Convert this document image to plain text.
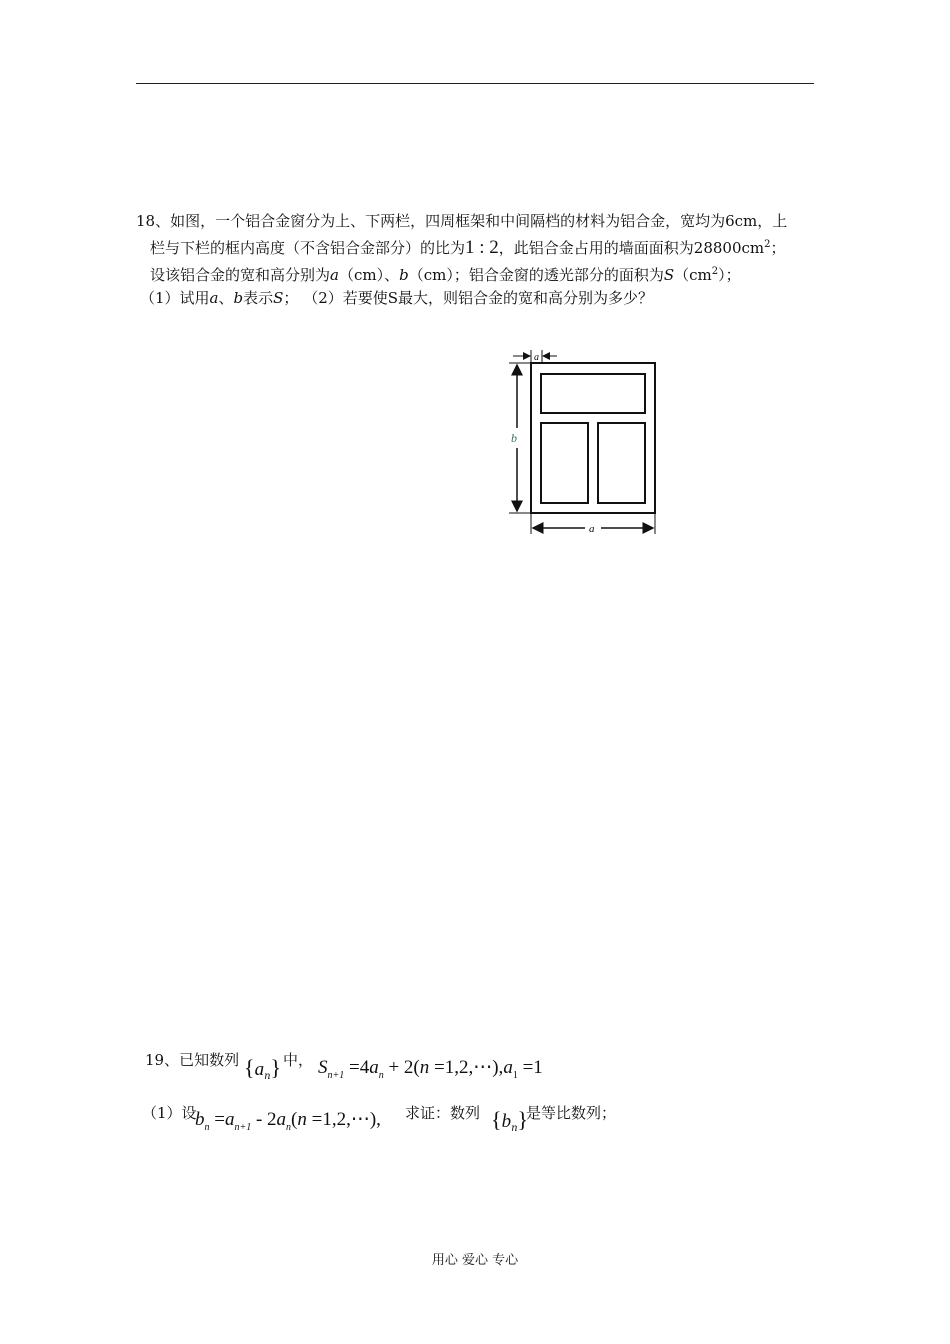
18、如图，一个铝合金窗分为上、下两栏，四周框架和中间隔档的材料为铝合金，宽均为6cm，上
栏与下栏的框内高度（不含铝合金部分）的比为1 : 2，此铝合金占用的墙面面积为$28800cm^2$；
设该铝合金的宽和高分别为a（cm）、b（cm）；铝合金窗的透光部分的面积为$S(cm^2)$；
（1）试用a、b表示S； （2）若要使S最大，则铝合金的宽和高分别为多少？
a
b
a
19、已知数列 $\{a_n\}$ 中， $S_{n+1} =4a_n + 2(n$ $=1,2,\cdots),a_1 =1$
（1）设
$b_n =a_{n+1} - 2a_n(n$ =1,2,⋯), 求证：数列 $\{b_n\}$
是等比数列；
用心 爱心 专心
